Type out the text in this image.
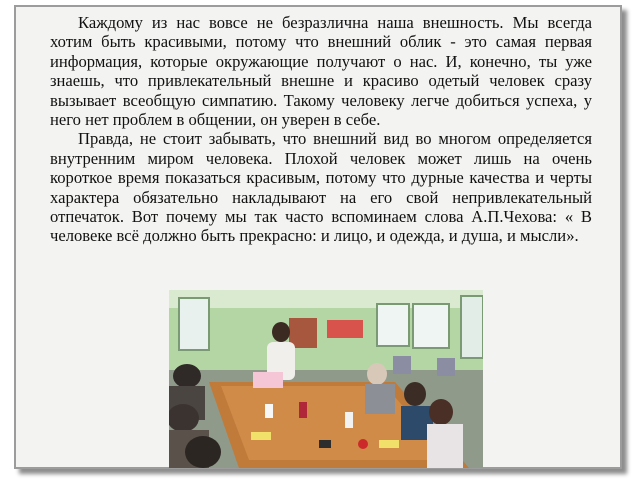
Каждому из нас вовсе не безразлична наша внешность. Мы всегда хотим быть красивыми, потому что внешний облик - это самая первая информация, которые окружающие получают о нас. И, конечно, ты уже знаешь, что привлекательный внешне и красиво одетый человек сразу вызывает всеобщую симпатию. Такому человеку легче добиться успеха, у него нет проблем в общении, он уверен в себе.

Правда, не стоит забывать, что внешний вид во многом определяется внутренним миром человека. Плохой человек может лишь на очень короткое время показаться красивым, потому что дурные качества и черты характера обязательно накладывают на его свой непривлекательный отпечаток. Вот почему мы так часто вспоминаем слова А.П.Чехова: « В человеке всё должно быть прекрасно: и лицо, и одежда, и душа, и мысли».
